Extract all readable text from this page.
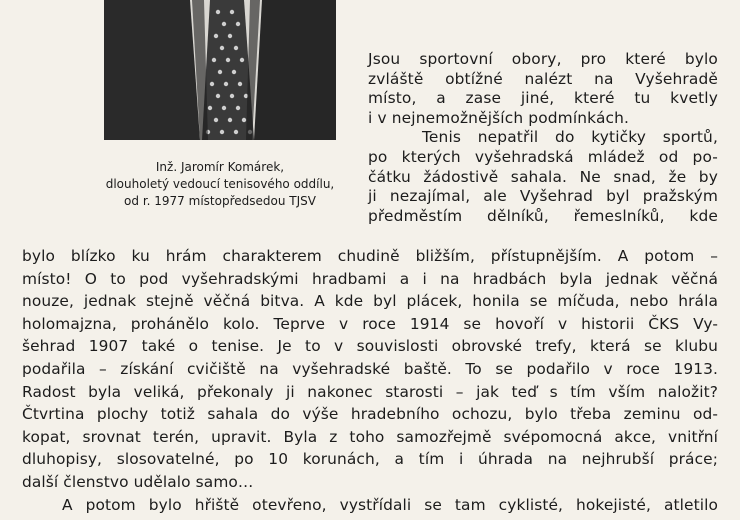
Inž. Jaromír Komárek,
dlouholetý vedoucí tenisového oddílu,
od r. 1977 místopředsedou TJSV
Jsou sportovní obory, pro které bylo
zvláště obtížné nalézt na Vyšehradě
místo, a zase jiné, které tu kvetly
i v nejnemožnějších podmínkách.
Tenis nepatřil do kytičky sportů,
po kterých vyšehradská mládež od po-
čátku žádostivě sahala. Ne snad, že by
ji nezajímal, ale Vyšehrad byl pražským
předměstím dělníků, řemeslníků, kde
bylo blízko ku hrám charakterem chudině bližším, přístupnějším. A potom –
místo! O to pod vyšehradskými hradbami a i na hradbách byla jednak věčná
nouze, jednak stejně věčná bitva. A kde byl plácek, honila se míčuda, nebo hrála
holomajzna, prohánělo kolo. Teprve v roce 1914 se hovoří v historii ČKS Vy-
šehrad 1907 také o tenise. Je to v souvislosti obrovské trefy, která se klubu
podařila – získání cvičiště na vyšehradské baště. To se podařilo v roce 1913.
Radost byla veliká, překonaly ji nakonec starosti – jak teď s tím vším naložit?
Čtvrtina plochy totiž sahala do výše hradebního ochozu, bylo třeba zeminu od-
kopat, srovnat terén, upravit. Byla z toho samozřejmě svépomocná akce, vnitřní
dluhopisy, slosovatelné, po 10 korunách, a tím i úhrada na nejhrubší práce;
další členstvo udělalo samo…
A potom bylo hřiště otevřeno, vystřídali se tam cyklisté, hokejisté, atletilo
